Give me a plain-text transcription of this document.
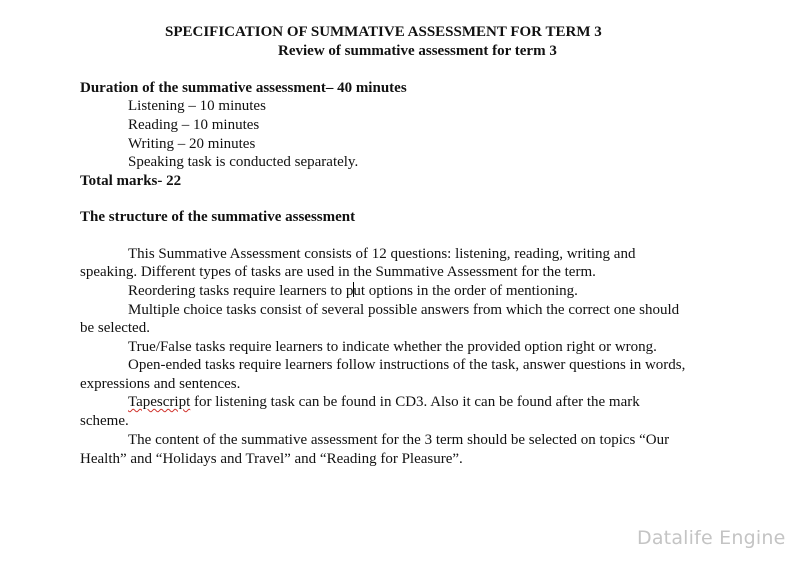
SPECIFICATION OF SUMMATIVE ASSESSMENT FOR TERM 3
Review of summative assessment for term 3
Duration of the summative assessment– 40 minutes
Listening – 10 minutes
Reading – 10 minutes
Writing – 20 minutes
Speaking task is conducted separately.
Total marks- 22
The structure of the summative assessment
This Summative Assessment consists of 12 questions: listening, reading, writing and
speaking. Different types of tasks are used in the Summative Assessment for the term.
Reordering tasks require learners to put options in the order of mentioning.
Multiple choice tasks consist of several possible answers from which the correct one should
be selected.
True/False tasks require learners to indicate whether the provided option right or wrong.
Open-ended tasks require learners follow instructions of the task, answer questions in words,
expressions and sentences.
Tapescript for listening task can be found in CD3. Also it can be found after the mark
scheme.
The content of the summative assessment for the 3 term should be selected on topics “Our
Health” and “Holidays and Travel” and “Reading for Pleasure”.
Datalife Engine
